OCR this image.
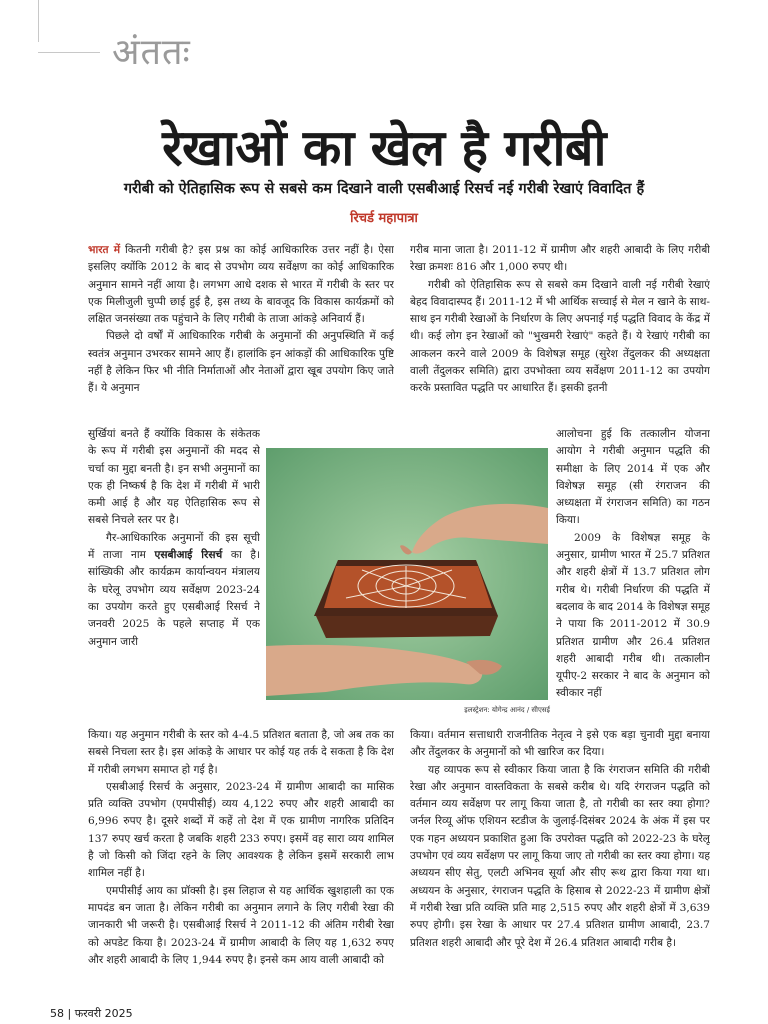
अंततः
रेखाओं का खेल है गरीबी
गरीबी को ऐतिहासिक रूप से सबसे कम दिखाने वाली एसबीआई रिसर्च नई गरीबी रेखाएं विवादित हैं
रिचर्ड महापात्रा

भारत में कितनी गरीबी है? इस प्रश्न का कोई आधिकारिक उत्तर नहीं है। ऐसा इसलिए क्योंकि 2012 के बाद से उपभोग व्यय सर्वेक्षण का कोई आधिकारिक अनुमान सामने नहीं आया है। लगभग आधे दशक से भारत में गरीबी के स्तर पर एक मिलीजुली चुप्पी छाई हुई है, इस तथ्य के बावजूद कि विकास कार्यक्रमों को लक्षित जनसंख्या तक पहुंचाने के लिए गरीबी के ताजा आंकड़े अनिवार्य हैं।

पिछले दो वर्षों में आधिकारिक गरीबी के अनुमानों की अनुपस्थिति में कई स्वतंत्र अनुमान उभरकर सामने आए हैं। हालांकि इन आंकड़ों की आधिकारिक पुष्टि नहीं है लेकिन फिर भी नीति निर्माताओं और नेताओं द्वारा खूब उपयोग किए जाते हैं। ये अनुमान

सुर्खियां बनते हैं क्योंकि विकास के संकेतक के रूप में गरीबी इस अनुमानों की मदद से चर्चा का मुद्दा बनती है। इन सभी अनुमानों का एक ही निष्कर्ष है कि देश में गरीबी में भारी कमी आई है और यह ऐतिहासिक रूप से सबसे निचले स्तर पर है।

गैर-आधिकारिक अनुमानों की इस सूची में ताजा नाम एसबीआई रिसर्च का है। सांख्यिकी और कार्यक्रम कार्यान्वयन मंत्रालय के घरेलू उपभोग व्यय सर्वेक्षण 2023-24 का उपयोग करते हुए एसबीआई रिसर्च ने जनवरी 2025 के पहले सप्ताह में एक अनुमान जारी

किया। यह अनुमान गरीबी के स्तर को 4-4.5 प्रतिशत बताता है, जो अब तक का सबसे निचला स्तर है। इस आंकड़े के आधार पर कोई यह तर्क दे सकता है कि देश में गरीबी लगभग समाप्त हो गई है।

एसबीआई रिसर्च के अनुसार, 2023-24 में ग्रामीण आबादी का मासिक प्रति व्यक्ति उपभोग (एमपीसीई) व्यय 4,122 रुपए और शहरी आबादी का 6,996 रुपए है। दूसरे शब्दों में कहें तो देश में एक ग्रामीण नागरिक प्रतिदिन 137 रुपए खर्च करता है जबकि शहरी 233 रुपए। इसमें वह सारा व्यय शामिल है जो किसी को जिंदा रहने के लिए आवश्यक है लेकिन इसमें सरकारी लाभ शामिल नहीं है।

एमपीसीई आय का प्रॉक्सी है। इस लिहाज से यह आर्थिक खुशहाली का एक मापदंड बन जाता है। लेकिन गरीबी का अनुमान लगाने के लिए गरीबी रेखा की जानकारी भी जरूरी है। एसबीआई रिसर्च ने 2011-12 की अंतिम गरीबी रेखा को अपडेट किया है। 2023-24 में ग्रामीण आबादी के लिए यह 1,632 रुपए और शहरी आबादी के लिए 1,944 रुपए है। इनसे कम आय वाली आबादी को

गरीब माना जाता है। 2011-12 में ग्रामीण और शहरी आबादी के लिए गरीबी रेखा क्रमशः 816 और 1,000 रुपए थी।

गरीबी को ऐतिहासिक रूप से सबसे कम दिखाने वाली नई गरीबी रेखाएं बेहद विवादास्पद हैं। 2011-12 में भी आर्थिक सच्चाई से मेल न खाने के साथ-साथ इन गरीबी रेखाओं के निर्धारण के लिए अपनाई गई पद्धति विवाद के केंद्र में थी। कई लोग इन रेखाओं को "भुखमरी रेखाएं" कहते हैं। ये रेखाएं गरीबी का आकलन करने वाले 2009 के विशेषज्ञ समूह (सुरेश तेंदुलकर की अध्यक्षता वाली तेंदुलकर समिति) द्वारा उपभोक्ता व्यय सर्वेक्षण 2011-12 का उपयोग करके प्रस्तावित पद्धति पर आधारित हैं। इसकी इतनी

आलोचना हुई कि तत्कालीन योजना आयोग ने गरीबी अनुमान पद्धति की समीक्षा के लिए 2014 में एक और विशेषज्ञ समूह (सी रंगराजन की अध्यक्षता में रंगराजन समिति) का गठन किया।

2009 के विशेषज्ञ समूह के अनुसार, ग्रामीण भारत में 25.7 प्रतिशत और शहरी क्षेत्रों में 13.7 प्रतिशत लोग गरीब थे। गरीबी निर्धारण की पद्धति में बदलाव के बाद 2014 के विशेषज्ञ समूह ने पाया कि 2011-2012 में 30.9 प्रतिशत ग्रामीण और 26.4 प्रतिशत शहरी आबादी गरीब थी। तत्कालीन यूपीए-2 सरकार ने बाद के अनुमान को स्वीकार नहीं

किया। वर्तमान सत्ताधारी राजनीतिक नेतृत्व ने इसे एक बड़ा चुनावी मुद्दा बनाया और तेंदुलकर के अनुमानों को भी खारिज कर दिया।

यह व्यापक रूप से स्वीकार किया जाता है कि रंगराजन समिति की गरीबी रेखा और अनुमान वास्तविकता के सबसे करीब थे। यदि रंगराजन पद्धति को वर्तमान व्यय सर्वेक्षण पर लागू किया जाता है, तो गरीबी का स्तर क्या होगा? जर्नल रिव्यू ऑफ एशियन स्टडीज के जुलाई-दिसंबर 2024 के अंक में इस पर एक गहन अध्ययन प्रकाशित हुआ कि उपरोक्त पद्धति को 2022-23 के घरेलू उपभोग एवं व्यय सर्वेक्षण पर लागू किया जाए तो गरीबी का स्तर क्या होगा। यह अध्ययन सीए सेतु, एलटी अभिनव सूर्या और सीए रूथ द्वारा किया गया था। अध्ययन के अनुसार, रंगराजन पद्धति के हिसाब से 2022-23 में ग्रामीण क्षेत्रों में गरीबी रेखा प्रति व्यक्ति प्रति माह 2,515 रुपए और शहरी क्षेत्रों में 3,639 रुपए होगी। इस रेखा के आधार पर 27.4 प्रतिशत ग्रामीण आबादी, 23.7 प्रतिशत शहरी आबादी और पूरे देश में 26.4 प्रतिशत आबादी गरीब है।

इलस्ट्रेशन: योगेन्द्र आनंद / सीएसई
58 | फरवरी 2025
